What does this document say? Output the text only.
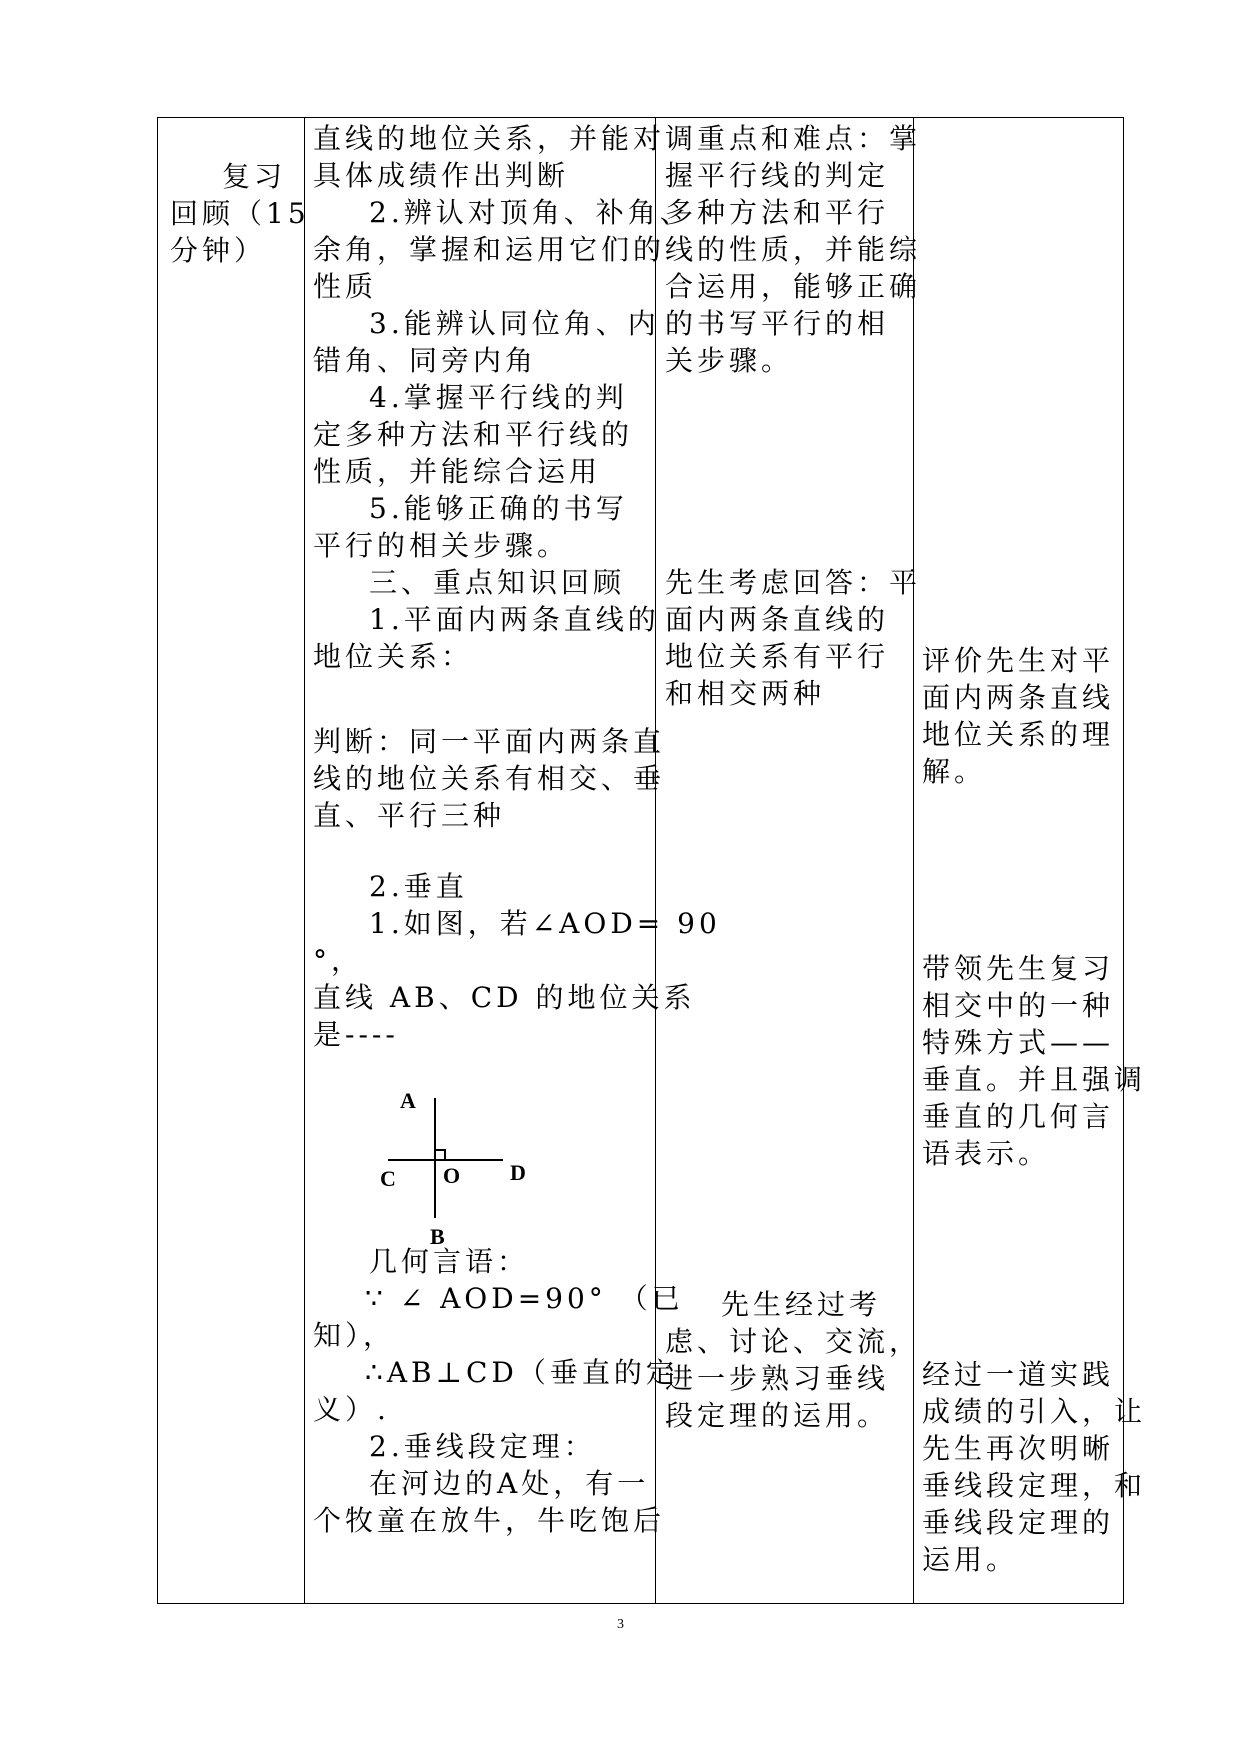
复习
回顾（15
分钟）
直线的地位关系，并能对
具体成绩作出判断
2.辨认对顶角、补角、
余角，掌握和运用它们的
性质
3.能辨认同位角、内
错角、同旁内角
4.掌握平行线的判
定多种方法和平行线的
性质，并能综合运用
5.能够正确的书写
平行的相关步骤。
三、重点知识回顾
1.平面内两条直线的
地位关系：
判断：同一平面内两条直
线的地位关系有相交、垂
直、平行三种
2.垂直
1.如图，若∠AOD= 90
°，
直线 AB、CD 的地位关系
是----
几何言语：
∵ ∠ AOD=90° （已
知），
∴AB⊥CD（垂直的定
义）.
2.垂线段定理：
在河边的A处，有一
个牧童在放牛，牛吃饱后
A
C O D
B
调重点和难点：掌
握平行线的判定
多种方法和平行
线的性质，并能综
合运用，能够正确
的书写平行的相
关步骤。
先生考虑回答：平
面内两条直线的
地位关系有平行
和相交两种
先生经过考
虑、讨论、交流，
进一步熟习垂线
段定理的运用。
评价先生对平
面内两条直线
地位关系的理
解。
带领先生复习
相交中的一种
特殊方式——
垂直。并且强调
垂直的几何言
语表示。
经过一道实践
成绩的引入，让
先生再次明晰
垂线段定理，和
垂线段定理的
运用。
3
